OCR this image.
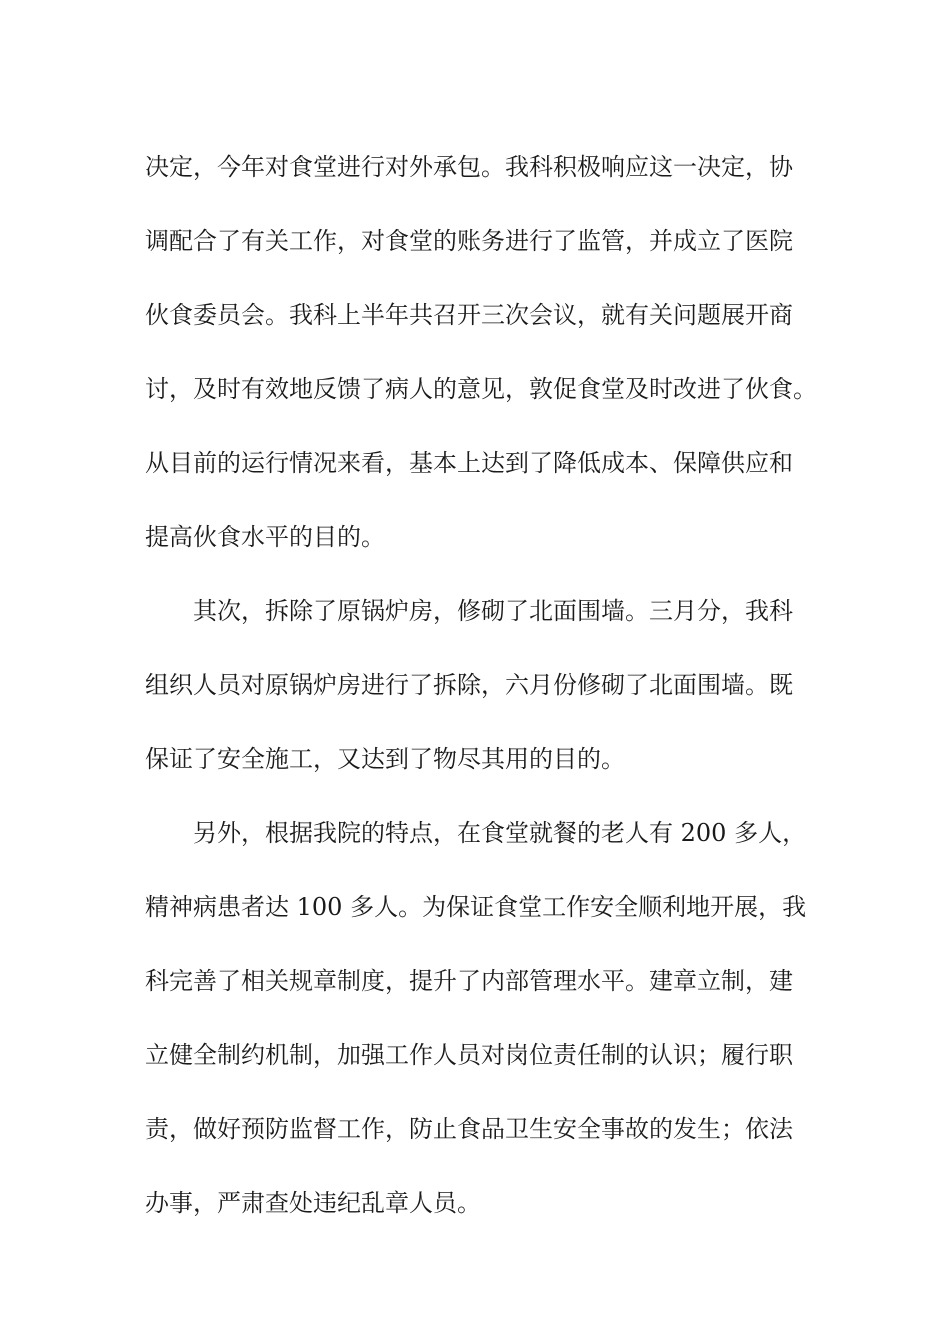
决定，今年对食堂进行对外承包。我科积极响应这一决定，协
调配合了有关工作，对食堂的账务进行了监管，并成立了医院
伙食委员会。我科上半年共召开三次会议，就有关问题展开商
讨，及时有效地反馈了病人的意见，敦促食堂及时改进了伙食。
从目前的运行情况来看，基本上达到了降低成本、保障供应和
提高伙食水平的目的。
其次，拆除了原锅炉房，修砌了北面围墙。三月分，我科
组织人员对原锅炉房进行了拆除，六月份修砌了北面围墙。既
保证了安全施工，又达到了物尽其用的目的。
另外，根据我院的特点，在食堂就餐的老人有 200 多人，
精神病患者达 100 多人。为保证食堂工作安全顺利地开展，我
科完善了相关规章制度，提升了内部管理水平。建章立制，建
立健全制约机制，加强工作人员对岗位责任制的认识；履行职
责，做好预防监督工作，防止食品卫生安全事故的发生；依法
办事，严肃查处违纪乱章人员。
